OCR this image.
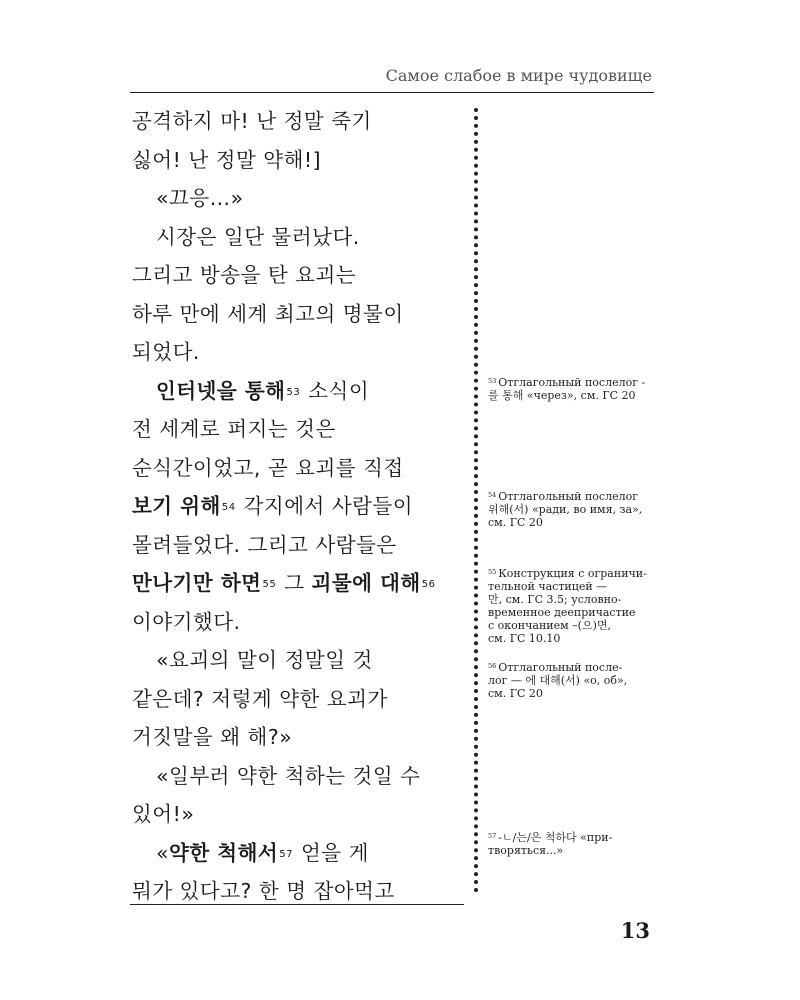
Самое слабое в мире чудовище
공격하지 마! 난 정말 죽기
싫어! 난 정말 약해!]
«끄응…»
시장은 일단 물러났다.
그리고 방송을 탄 요괴는
하루 만에 세계 최고의 명물이
되었다.
인터넷을 통해$^{53}$ 소식이
전 세계로 퍼지는 것은
순식간이었고, 곧 요괴를 직접
보기 위해$^{54}$ 각지에서 사람들이
몰려들었다. 그리고 사람들은
만나기만 하면$^{55}$ 그 괴물에 대해$^{56}$
이야기했다.
«요괴의 말이 정말일 것
같은데? 저렇게 약한 요괴가
거짓말을 왜 해?»
«일부러 약한 척하는 것일 수
있어!»
«약한 척해서$^{57}$ 얻을 게
뭐가 있다고? 한 명 잡아먹고
$^{53}$ Отглагольный послелог -
를 통해 «через», см. ГС 20
$^{54}$ Отглагольный послелог
위해(서) «ради, во имя, за»,
см. ГС 20
$^{55}$ Конструкция с ограничи-
тельной частицей —
만, см. ГС 3.5; условно-
временное деепричастие
с окончанием –(으)면,
см. ГС 10.10
$^{56}$ Отглагольный послe-
лог — 에 대해(서) «о, об»,
см. ГС 20
$^{57}$ -ㄴ/는/은 척하다 «при-
творяться...»
13
